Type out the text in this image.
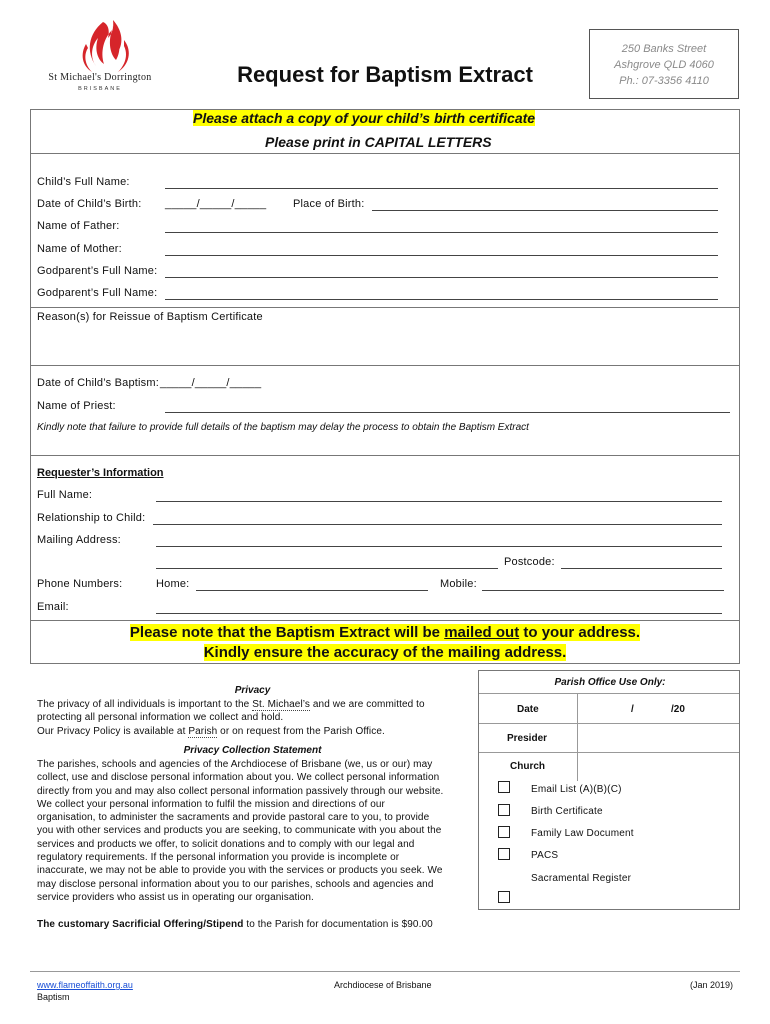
St Michael's Dorrington
BRISBANE
Request for Baptism Extract
250 Banks Street
Ashgrove QLD 4060
Ph.: 07-3356 4110
Please attach a copy of your child’s birth certificate
Please print in CAPITAL LETTERS
Child’s Full Name:
Date of Child’s Birth: _____/_____/_____ Place of Birth:
Name of Father:
Name of Mother:
Godparent’s Full Name:
Godparent’s Full Name:
Reason(s) for Reissue of Baptism Certificate
Date of Child’s Baptism: _____/_____/_____
Name of Priest:
Kindly note that failure to provide full details of the baptism may delay the process to obtain the Baptism Extract
Requester’s Information
Full Name:
Relationship to Child:
Mailing Address:
Postcode:
Phone Numbers:	Home:	Mobile:
Email:
Please note that the Baptism Extract will be mailed out to your address.
Kindly ensure the accuracy of the mailing address.
Privacy
The privacy of all individuals is important to the St. Michael’s and we are committed to
protecting all personal information we collect and hold.
Our Privacy Policy is available at Parish or on request from the Parish Office.
Privacy Collection Statement
The parishes, schools and agencies of the Archdiocese of Brisbane (we, us or our) may
collect, use and disclose personal information about you. We collect personal information
directly from you and may also collect personal information passively through our website.
We collect your personal information to fulfil the mission and directions of our
organisation, to administer the sacraments and provide pastoral care to you, to provide
you with other services and products you are seeking, to communicate with you about the
services and products we offer, to solicit donations and to comply with our legal and
regulatory requirements. If the personal information you provide is incomplete or
inaccurate, we may not be able to provide you with the services or products you seek. We
may disclose personal information about you to our parishes, schools and agencies and
service providers who assist us in operating our organisation.
The customary Sacrificial Offering/Stipend to the Parish for documentation is $90.00
Parish Office Use Only:
Date	/	/20
Presider
Church
Email List (A)(B)(C)
Birth Certificate
Family Law Document
PACS
Sacramental Register
www.flameoffaith.org.au
Baptism
Archdiocese of Brisbane	(Jan 2019)
